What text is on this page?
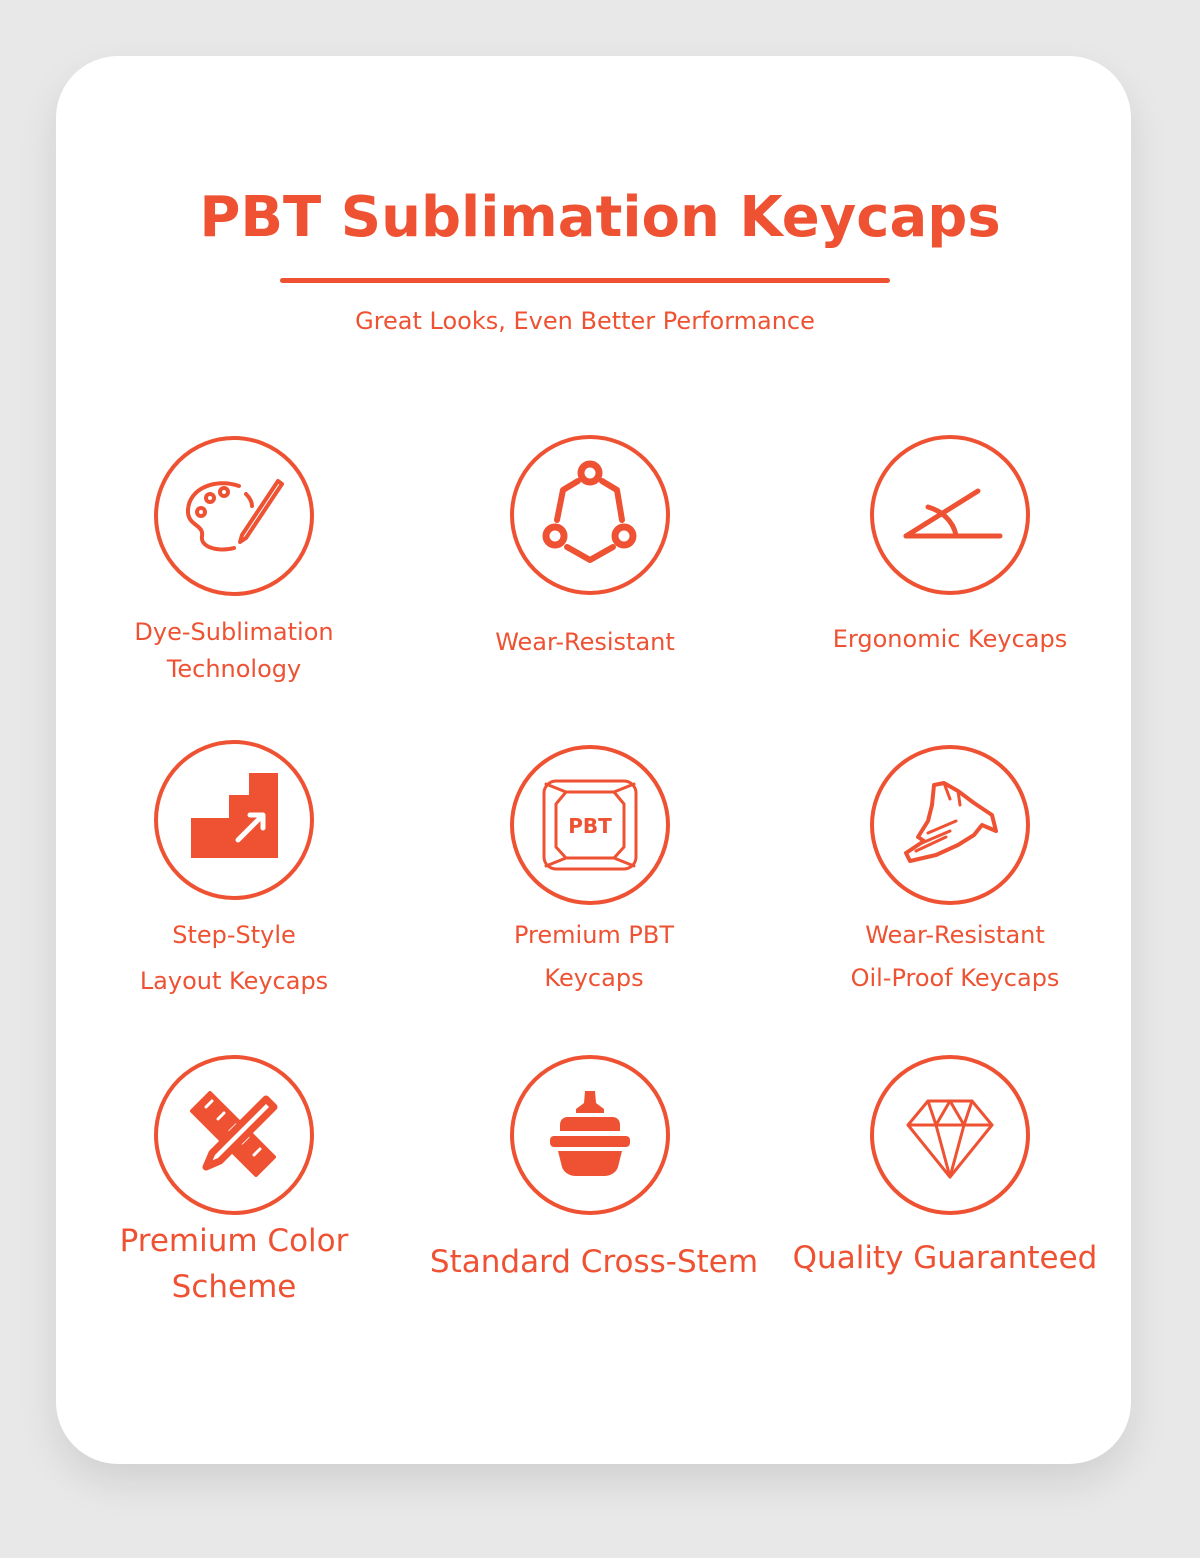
PBT Sublimation Keycaps
Great Looks, Even Better Performance
Dye-Sublimation
Technology
Wear-Resistant	Ergonomic Keycaps
Step-Style
Layout Keycaps
PBT
Premium PBT
Keycaps
Wear-Resistant
Oil-Proof Keycaps
Premium Color
Scheme
Standard Cross-Stem	Quality Guaranteed
